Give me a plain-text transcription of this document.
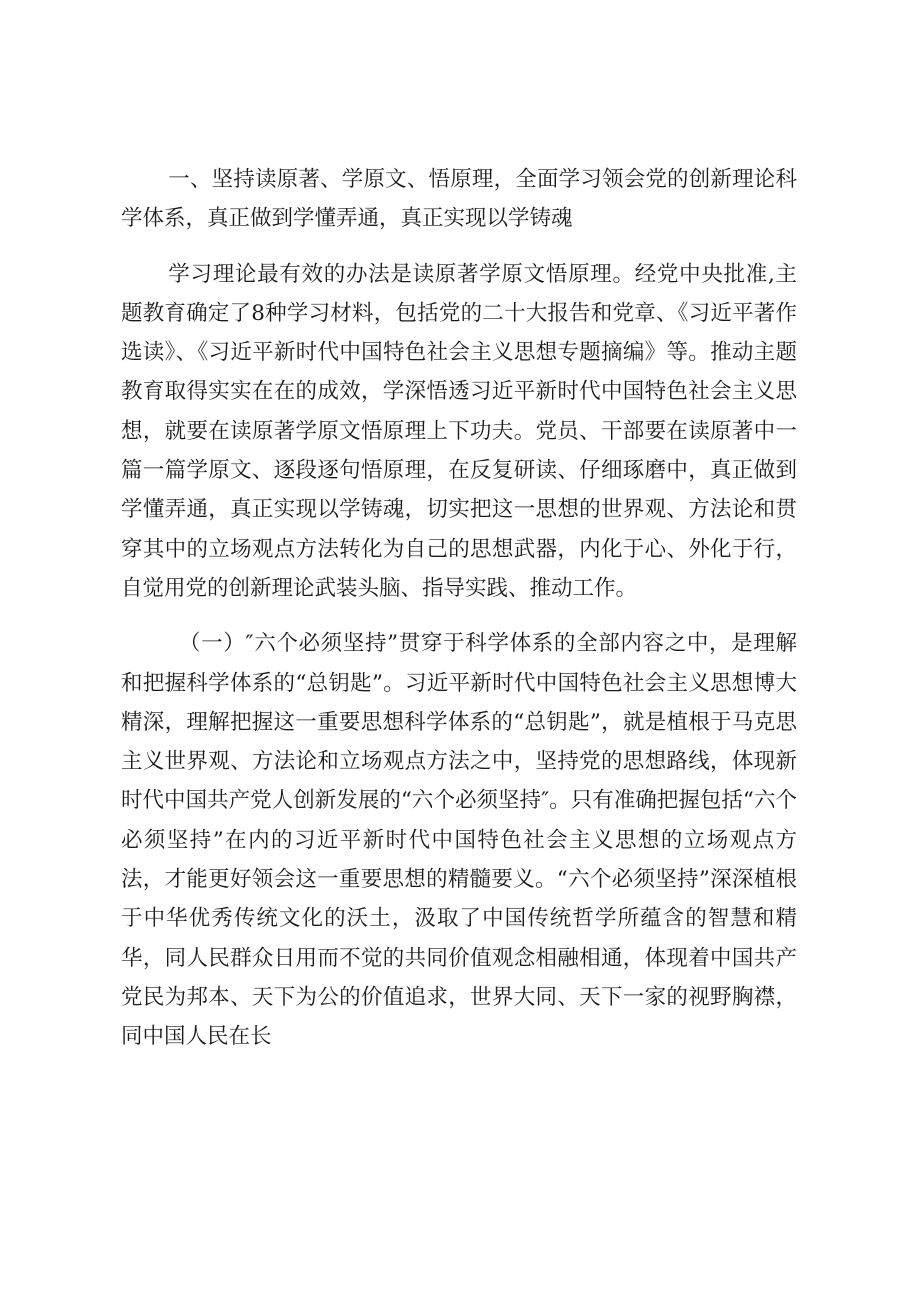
一、坚持读原著、学原文、悟原理，全面学习领会党的创新理论科学体系，真正做到学懂弄通，真正实现以学铸魂

学习理论最有效的办法是读原著学原文悟原理。经党中央批准,主题教育确定了8种学习材料，包括党的二十大报告和党章、《习近平著作选读》、《习近平新时代中国特色社会主义思想专题摘编》等。推动主题教育取得实实在在的成效，学深悟透习近平新时代中国特色社会主义思想，就要在读原著学原文悟原理上下功夫。党员、干部要在读原著中一篇一篇学原文、逐段逐句悟原理，在反复研读、仔细琢磨中，真正做到学懂弄通，真正实现以学铸魂，切实把这一思想的世界观、方法论和贯穿其中的立场观点方法转化为自己的思想武器，内化于心、外化于行，自觉用党的创新理论武装头脑、指导实践、推动工作。

（一）″六个必须坚持”贯穿于科学体系的全部内容之中，是理解和把握科学体系的“总钥匙”。习近平新时代中国特色社会主义思想博大精深，理解把握这一重要思想科学体系的“总钥匙”，就是植根于马克思主义世界观、方法论和立场观点方法之中，坚持党的思想路线，体现新时代中国共产党人创新发展的“六个必须坚持″。只有准确把握包括“六个必须坚持”在内的习近平新时代中国特色社会主义思想的立场观点方法，才能更好领会这一重要思想的精髓要义。“六个必须坚持”深深植根于中华优秀传统文化的沃土，汲取了中国传统哲学所蕴含的智慧和精华，同人民群众日用而不觉的共同价值观念相融相通，体现着中国共产党民为邦本、天下为公的价值追求，世界大同、天下一家的视野胸襟，同中国人民在长
